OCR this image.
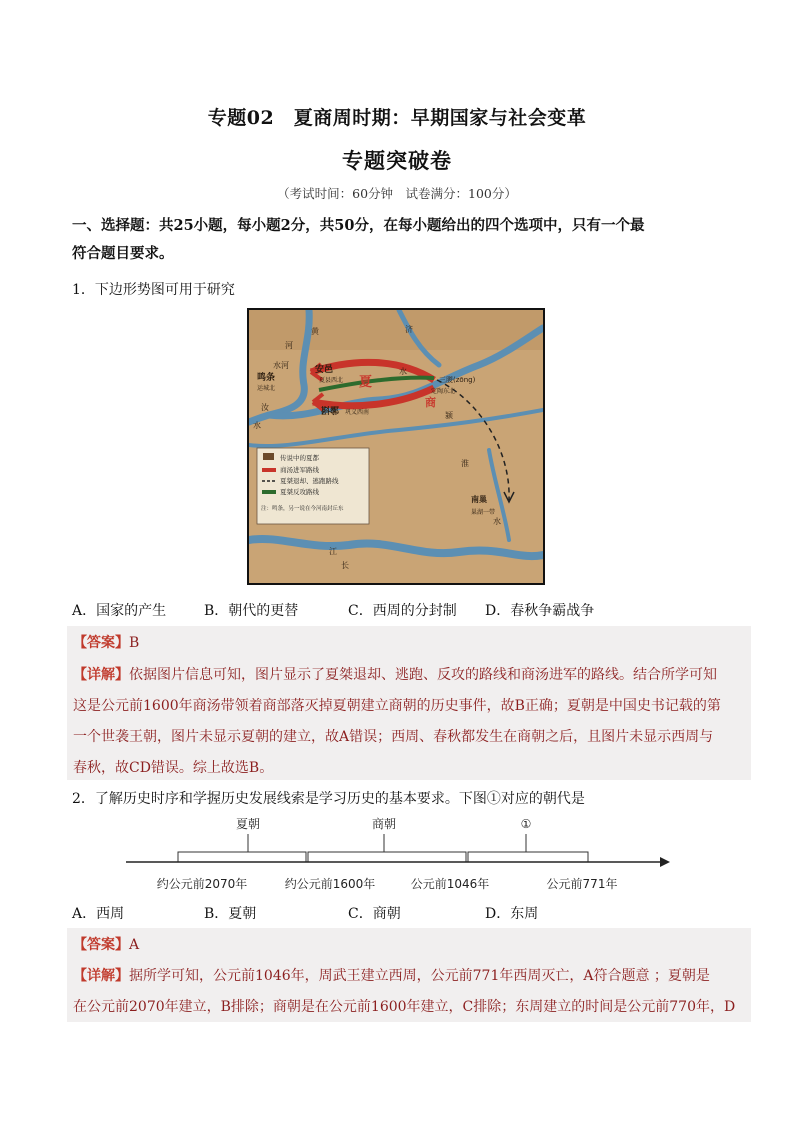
专题02　夏商周时期：早期国家与社会变革
专题突破卷
（考试时间：60分钟　试卷满分：100分）
一、选择题：共25小题，每小题2分，共50分，在每小题给出的四个选项中，只有一个最
符合题目要求。
1．下边形势图可用于研究
河
黄	济
水 河
水
水
淮
水
江
长
汝
颍
鸣条
安邑
运城北
夏县西北	三朡(zōng)
定陶东北
斟鄩 巩义西南
南巢
巢湖一带
夏
商
传说中的夏都
商汤进军路线
夏桀退却、逃跑路线
夏桀反攻路线
注：鸣条，另一说在今河南封丘东
A．国家的产生	B．朝代的更替	C．西周的分封制 D．春秋争霸战争
【答案】B
【详解】依据图片信息可知，图片显示了夏桀退却、逃跑、反攻的路线和商汤进军的路线。结合所学可知
这是公元前1600年商汤带领着商部落灭掉夏朝建立商朝的历史事件，故B正确；夏朝是中国史书记载的第
一个世袭王朝，图片未显示夏朝的建立，故A错误；西周、春秋都发生在商朝之后，且图片未显示西周与
春秋，故CD错误。综上故选B。
2．了解历史时序和学握历史发展线索是学习历史的基本要求。下图①对应的朝代是
夏朝	商朝	①
约公元前2070年	约公元前1600年	公元前1046年	公元前771年
A．西周	B．夏朝	C．商朝	D．东周
【答案】A
【详解】据所学可知，公元前1046年，周武王建立西周，公元前771年西周灭亡，A符合题意 ；夏朝是
在公元前2070年建立，B排除；商朝是在公元前1600年建立，C排除；东周建立的时间是公元前770年，D
